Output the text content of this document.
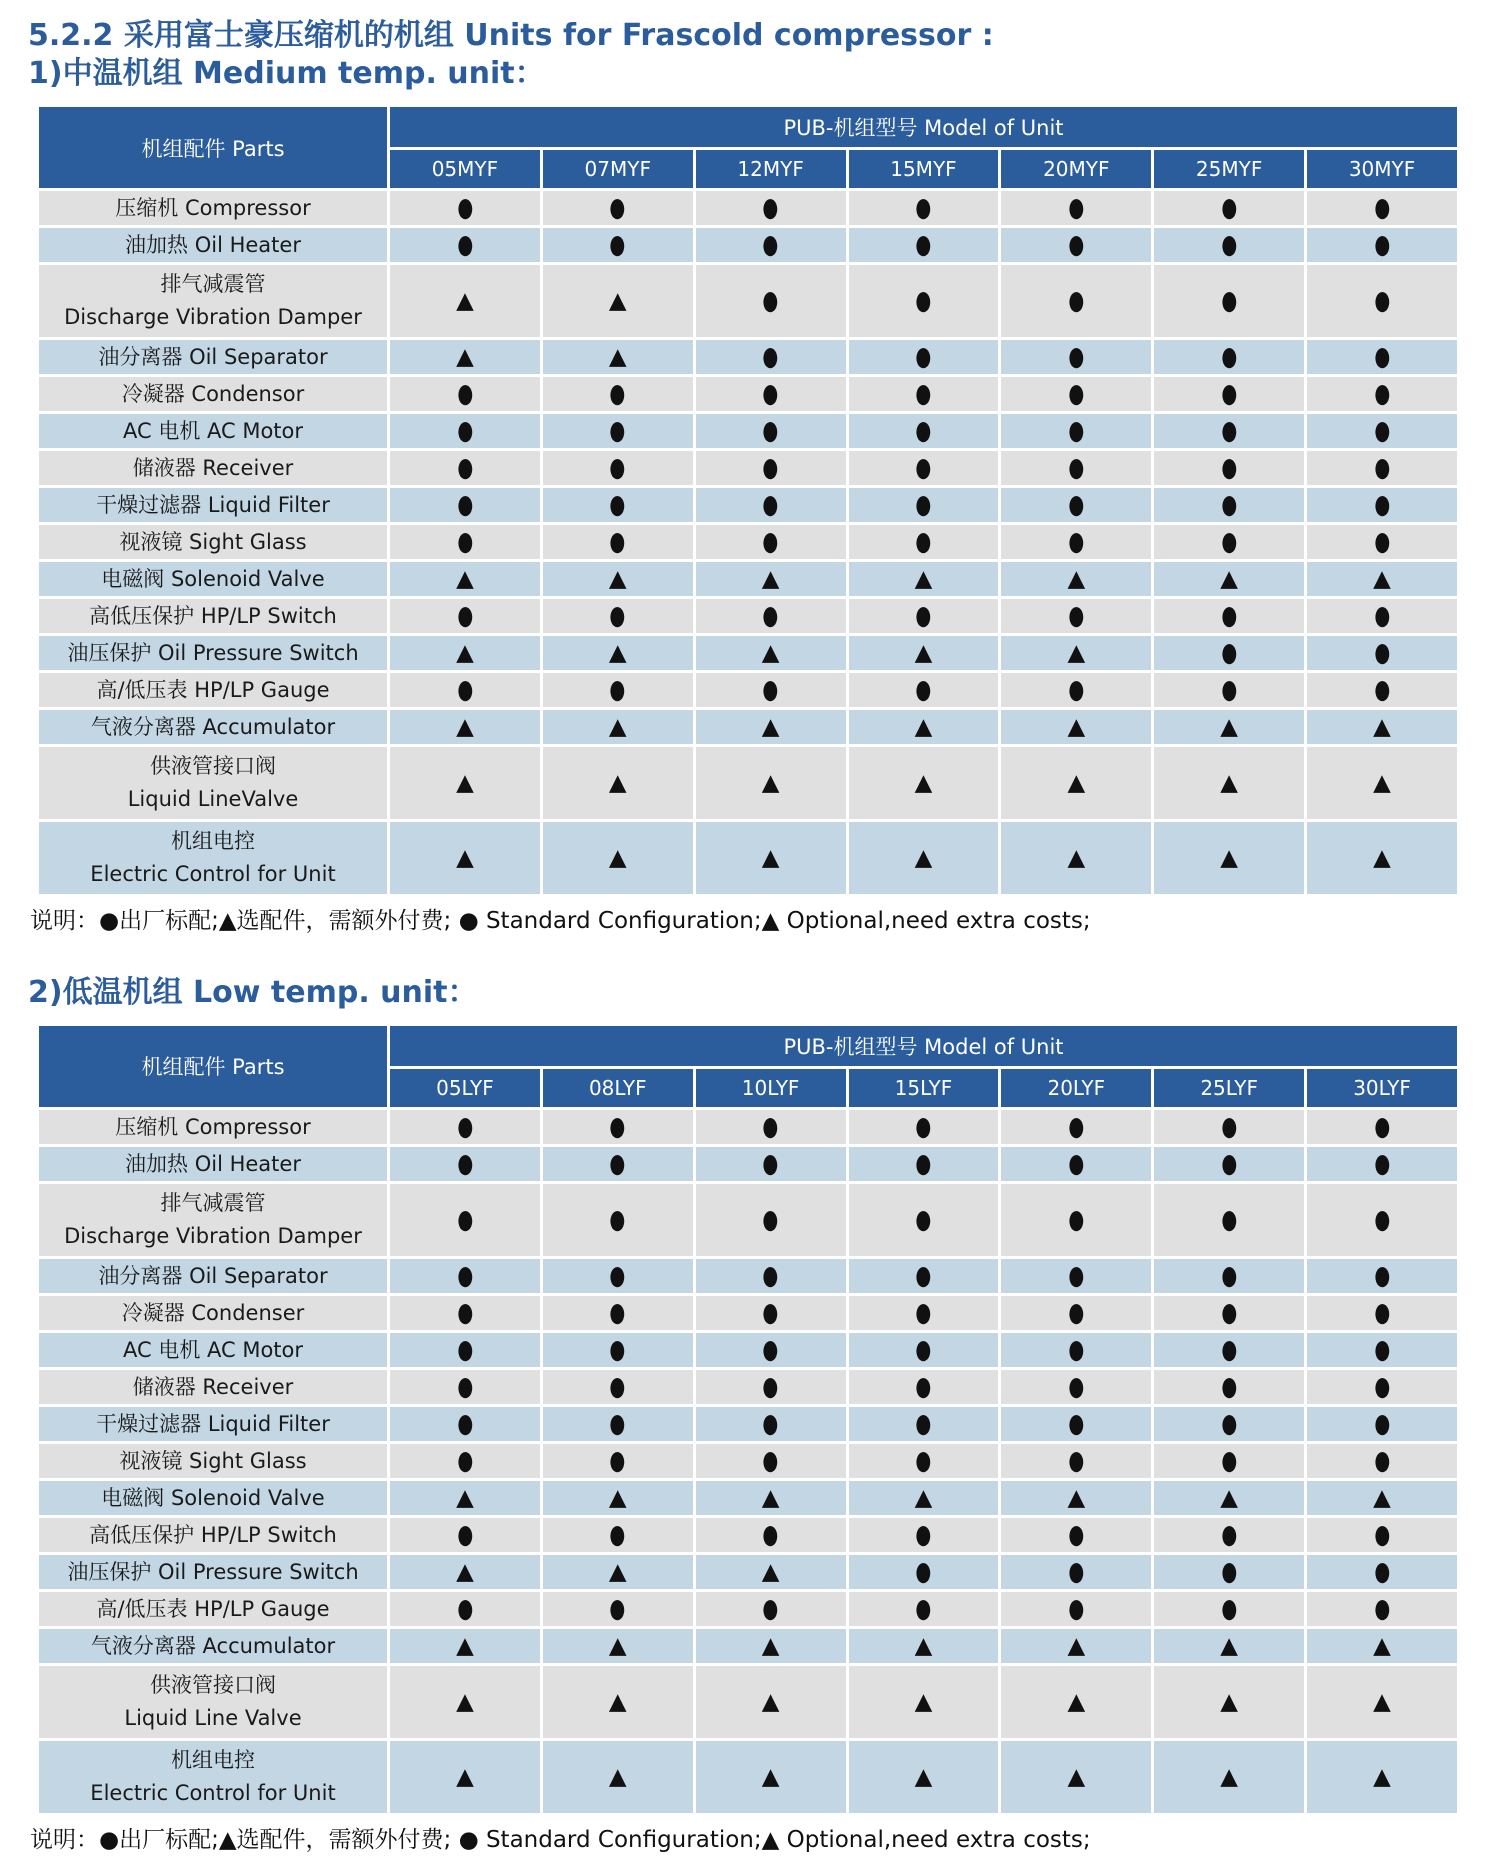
5.2.2 采用富士豪压缩机的机组 Units for Frascold compressor :
1)中温机组 Medium temp. unit：
机组配件 Parts	PUB-机组型号 Model of Unit						
	05MYF	07MYF	12MYF	15MYF	20MYF	25MYF	30MYF

压缩机 Compressor	●	●	●	●	●	●	●

油加热 Oil Heater	●	●	●	●	●	●	●

排气减震管
Discharge Vibration Damper	▲	▲	●	●	●	●	●

油分离器 Oil Separator	▲	▲	●	●	●	●	●

冷凝器 Condensor	●	●	●	●	●	●	●

AC 电机 AC Motor	●	●	●	●	●	●	●

储液器 Receiver	●	●	●	●	●	●	●

干燥过滤器 Liquid Filter	●	●	●	●	●	●	●

视液镜 Sight Glass	●	●	●	●	●	●	●

电磁阀 Solenoid Valve	▲	▲	▲	▲	▲	▲	▲

高低压保护 HP/LP Switch	●	●	●	●	●	●	●

油压保护 Oil Pressure Switch	▲	▲	▲	▲	▲	●	●

高/低压表 HP/LP Gauge	●	●	●	●	●	●	●

气液分离器 Accumulator	▲	▲	▲	▲	▲	▲	▲

供液管接口阀
Liquid LineValve	▲	▲	▲	▲	▲	▲	▲

机组电控
Electric Control for Unit	▲	▲	▲	▲	▲	▲	▲

说明：●出厂标配;▲选配件，需额外付费; ● Standard Configuration;▲ Optional,need extra costs;

2)低温机组 Low temp. unit：
机组配件 Parts	PUB-机组型号 Model of Unit						
	05LYF	08LYF	10LYF	15LYF	20LYF	25LYF	30LYF

压缩机 Compressor	●	●	●	●	●	●	●

油加热 Oil Heater	●	●	●	●	●	●	●

排气减震管
Discharge Vibration Damper	●	●	●	●	●	●	●

油分离器 Oil Separator	●	●	●	●	●	●	●

冷凝器 Condenser	●	●	●	●	●	●	●

AC 电机 AC Motor	●	●	●	●	●	●	●

储液器 Receiver	●	●	●	●	●	●	●

干燥过滤器 Liquid Filter	●	●	●	●	●	●	●

视液镜 Sight Glass	●	●	●	●	●	●	●

电磁阀 Solenoid Valve	▲	▲	▲	▲	▲	▲	▲

高低压保护 HP/LP Switch	●	●	●	●	●	●	●

油压保护 Oil Pressure Switch	▲	▲	▲	●	●	●	●

高/低压表 HP/LP Gauge	●	●	●	●	●	●	●

气液分离器 Accumulator	▲	▲	▲	▲	▲	▲	▲

供液管接口阀
Liquid Line Valve	▲	▲	▲	▲	▲	▲	▲

机组电控
Electric Control for Unit	▲	▲	▲	▲	▲	▲	▲

说明：●出厂标配;▲选配件，需额外付费; ● Standard Configuration;▲ Optional,need extra costs;
